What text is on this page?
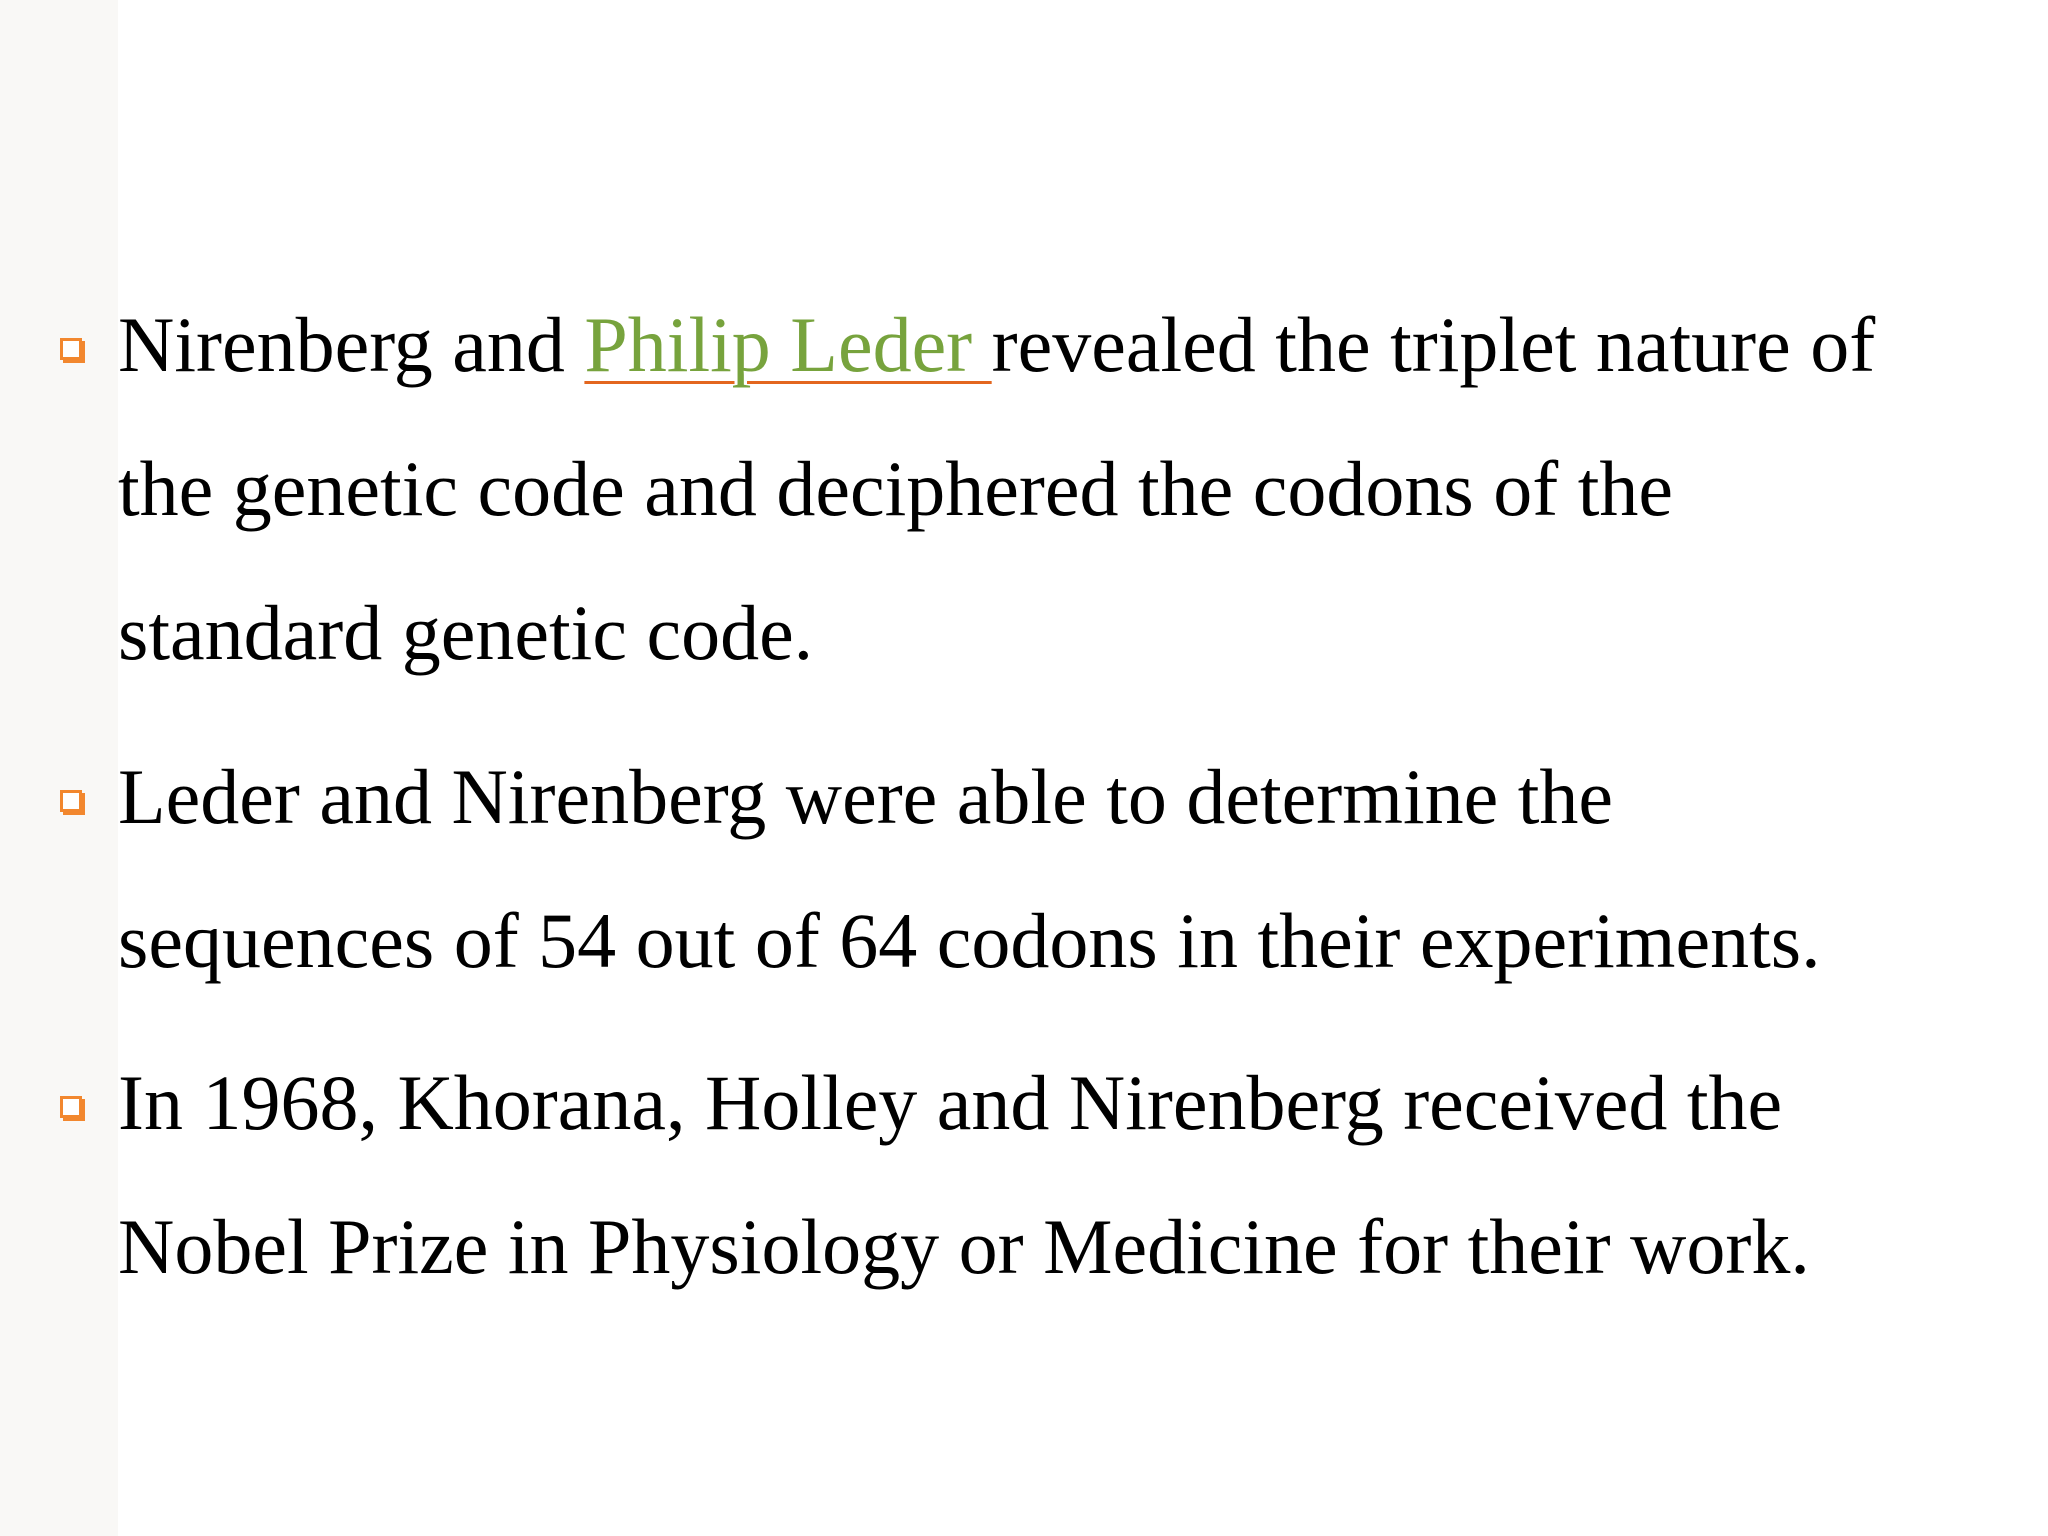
Nirenberg and Philip Leder revealed the triplet nature of
the genetic code and deciphered the codons of the
standard genetic code.
Leder and Nirenberg were able to determine the
sequences of 54 out of 64 codons in their experiments.
In 1968, Khorana, Holley and Nirenberg received the
Nobel Prize in Physiology or Medicine for their work.
